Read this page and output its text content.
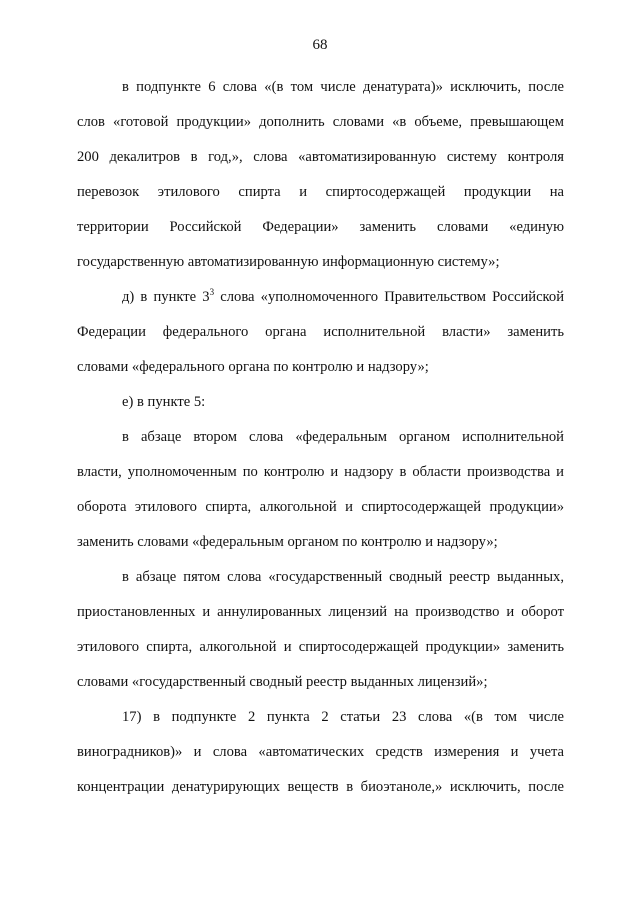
68
в подпункте 6 слова «(в том числе денатурата)» исключить, после
слов «готовой продукции» дополнить словами «в объеме, превышающем
200 декалитров в год,», слова «автоматизированную систему контроля
перевозок этилового спирта и спиртосодержащей продукции на
территории Российской Федерации» заменить словами «единую
государственную автоматизированную информационную систему»;
д) в пункте $3^3$ слова «уполномоченного Правительством Российской
Федерации федерального органа исполнительной власти» заменить
словами «федерального органа по контролю и надзору»;
е) в пункте 5:
в абзаце втором слова «федеральным органом исполнительной
власти, уполномоченным по контролю и надзору в области производства и
оборота этилового спирта, алкогольной и спиртосодержащей продукции»
заменить словами «федеральным органом по контролю и надзору»;
в абзаце пятом слова «государственный сводный реестр выданных,
приостановленных и аннулированных лицензий на производство и оборот
этилового спирта, алкогольной и спиртосодержащей продукции» заменить
словами «государственный сводный реестр выданных лицензий»;
17) в подпункте 2 пункта 2 статьи 23 слова «(в том числе
виноградников)» и слова «автоматических средств измерения и учета
концентрации денатурирующих веществ в биоэтаноле,» исключить, после
